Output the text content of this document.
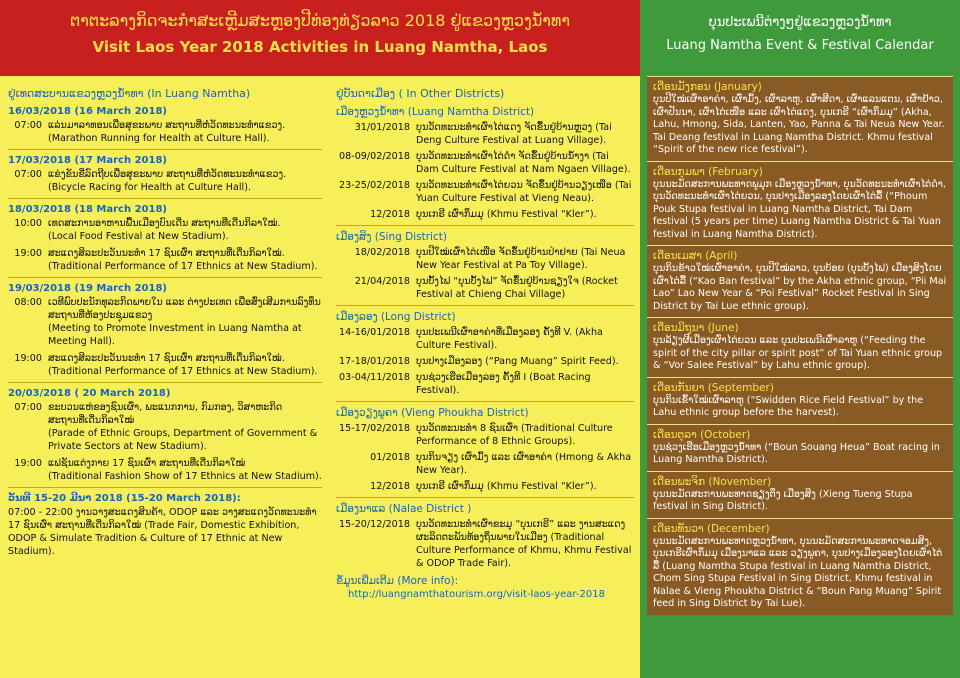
ຕາຕະລາງກິດຈະກໍາສະເຫຼີມສະຫຼອງປີທ່ອງທ່ຽວລາວ 2018 ຢູ່ແຂວງຫຼວງນໍ້າທາ
Visit Laos Year 2018 Activities in Luang Namtha, Laos
ບຸນປະເພນີຕ່າງໆຢູ່ແຂວງຫຼວງນໍ້າທາ
Luang Namtha Event & Festival Calendar
ຢູ່ເທດສະບານແຂວງຫຼວງນໍ້າທາ (In Luang Namtha)
16/03/2018 (16 March 2018)
07:00 ແລ່ນມາລາທອນເພື່ອສຸຂະພາບ ສະຖານທີ່ຫໍວັດທະນະທໍາແຂວງ.
(Marathon Running for Health at Culture Hall).
17/03/2018 (17 March 2018)
07:00 ແຂ່ງຂັນຂີ່ລົດຖີບເພື່ອສຸຂະພາບ ສະຖານທີ່ຫໍວັດທະນະທໍາແຂວງ.
(Bicycle Racing for Health at Culture Hall).
18/03/2018 (18 March 2018)
10:00 ເທດສະການອາຫານພື້ນເມືອງບົນເດີ່ນ ສະຖານທີ່ເດີ່ນກິລາໃໝ່.
(Local Food Festival at New Stadium).
19:00 ສະແດງສິລະປະວັນນະທໍາ 17 ຊົນເຜົ່າ ສະຖານທີ່ເດີ່ນກິລາໃໝ່.
(Traditional Performance of 17 Ethnics at New Stadium).
19/03/2018 (19 March 2018)
08:00 ເວທີພົບປະນັກທຸລະກິດພາຍໃນ ແລະ ຕ່າງປະເທດ ເພື່ອສົ່ງເສີມການລົງທຶນ ສະຖານທີ່ຫ້ອງປະຊຸມແຂວງ
(Meeting to Promote Investment in Luang Namtha at Meeting Hall).
19:00 ສະແດງສິລະປະວັນນະທໍາ 17 ຊົນເຜົ່າ ສະຖານທີ່ເດີ່ນກິລາໃໝ່.
(Traditional Performance of 17 Ethnics at New Stadium).
20/03/2018 ( 20 March 2018)
07:00 ຂະບວນແຫ່ຂອງຊົນເຜົ່າ, ພະແນກການ, ກົມກອງ, ວິສາຫະກິດ ສະຖານທີ່ເດີ່ນກິລາໃໝ່
(Parade of Ethnic Groups, Department of Government & Private Sectors at New Stadium).
19:00 ແຟຊັນແຕ່ງກາຍ 17 ຊົນເຜົ່າ ສະຖານທີ່ເດີ່ນກິລາໃໝ່
(Traditional Fashion Show of 17 Ethnics at New Stadium).
ວັນທີ 15-20 ມີນາ 2018 (15-20 March 2018):
07:00 - 22:00 ງານວາງສະແດງສິນຄ້າ, ODOP ແລະ ວາງສະແດງວັດທະນະທໍາ 17 ຊົນເຜົ່າ ສະຖານທີ່ເດີ່ນກິລາໃໝ່ (Trade Fair, Domestic Exhibition, ODOP & Simulate Tradition & Culture of 17 Ethnic at New Stadium).
ຢູ່ບັນດາເມືອງ ( In Other Districts)
ເມືອງຫຼວງນໍ້າທາ (Luang Namtha District)
31/01/2018 ບຸນວັດທະນະທໍາເຜົ່າໄຕ່ແດງ ຈັດຂຶ້ນຢູ່ບ້ານຫຼວງ (Tai Deng Culture Festival at Luang Village).
08-09/02/2018 ບຸນວັດທະນະທໍາເຜົ່າໄຕ່ດໍາ ຈັດຂຶ້ນຢູ່ບ້ານນໍ້າງາ (Tai Dam Culture Festival at Nam Ngaen Village).
23-25/02/2018 ບຸນວັດທະນະທໍາເຜົ່າໄຕ່ຍວນ ຈັດຂຶ້ນຢູ່ບ້ານວຽງເໜືອ (Tai Yuan Culture Festival at Vieng Neau).
12/2018 ບຸນເກຣີ ເຜົ່າກຶມມຸ (Khmu Festival “Kler”).
ເມືອງສິງ (Sing District)
18/02/2018 ບຸນປີໃໝ່ເຜົ່າໄຕ່ເໜືອ ຈັດຂຶ້ນຢູ່ບ້ານປ່າຢາຍ (Tai Neua New Year Festival at Pa Toy Village).
21/04/2018 ບຸນບັ້ງໄຟ “ບຸນບັ້ງໄຟ” ຈັດຂຶ້ນຢູ່ບ້ານຊຽງໃຈ (Rocket Festival at Chieng Chai Village)
ເມືອງລອງ (Long District)
14-16/01/2018 ບຸນປະເພນີເຜົ່າອາຄ່າທີ່ເມືອງລອງ ຄັ້ງທີ V. (Akha Culture Festival).
17-18/01/2018 ບຸນປາງເມືອງລອງ (“Pang Muang” Spirit Feed).
03-04/11/2018 ບຸນຊ່ວງເຮືອເມືອງລອງ ຄັ້ງທີ I (Boat Racing Festival).
ເມືອງວຽງພູຄາ (Vieng Phoukha District)
15-17/02/2018 ບຸນວັດທະນະທໍາ 8 ຊົນເຜົ່າ (Traditional Culture Performance of 8 Ethnic Groups).
01/2018 ບຸນກິນຈຽງ ເຜົ່າມົ້ງ ແລະ ເຜົ່າອາຄ່າ (Hmong & Akha New Year).
12/2018 ບຸນເກຣີ ເຜົ່າກຶມມຸ (Khmu Festival “Kler”).
ເມືອງນາແລ (Nalae District )
15-20/12/2018 ບຸນວັດທະນະທໍາເຜົ່າຂະມຸ “ບຸນເກຣີ” ແລະ ງານສະແດງຜະລິດຕະພັນທ້ອງຖິ່ນພາຍໃນເມືອງ (Traditional Culture Performance of Khmu, Khmu Festival & ODOP Trade Fair).
ຂໍ້ມູນເພີ່ມເຕີມ (More info):
http://luangnamthatourism.org/visit-laos-year-2018
ເດືອນມັງກອນ (January)
ບຸນປີໃໝ່ເຜົ່າອາຄ່າ, ເຜົ່າມົ້ງ, ເຜົ່າລາຫູ, ເຜົ່າສີດາ, ເຜົ່າແລນແຕນ, ເຜົ່າຢ້າວ, ເຜົ່າປັນນາ, ເຜົ່າໄຕ່ເໜືອ ແລະ ເຜົ່າໄຕ່ແດງ, ບຸນເກຣີ “ເຜົ່າກຶມມຸ” (Akha, Lahu, Hmong, Sida, Lanten, Yao, Panna & Tai Neua New Year. Tai Deang festival in Luang Namtha District. Khmu festival “Spirit of the new rice festival”).
ເດືອນກຸມພາ (February)
ບຸນນະມັດສະການພະທາດພູມຸກ ເມືອງຫຼວງນໍ້າທາ, ບຸນວັດທະນະທໍາເຜົ່າໄຕ່ດໍາ, ບຸນວັດທະນະທໍາເຜົ່າໄຕ່ຍວນ, ບຸນປາງເມືອງລອງໂດຍເຜົ່າໄຕ່ລື້ (“Phoum Pouk Stupa festival in Luang Namtha District, Tai Dam festival (5 years per time) Luang Namtha District & Tai Yuan festival in Luang Namtha District).
ເດືອນເມສາ (April)
ບຸນກິນຂ້າວໃໝ່ເຜົ່າອາຄ່າ, ບຸນປີໃໝ່ລາວ, ບຸນບ້ອຍ (ບຸນບັ້ງໄຟ) ເມືອງສິງໂດຍເຜົ່າໄຕ່ລື້ (“Kao Ban festival” by the Akha ethnic group, “Pii Mai Lao” Lao New Year & “Poi Festival” Rocket Festival in Sing District by Tai Lue ethnic group).
ເດືອນມິຖຸນາ (June)
ບຸນລ້ຽງຜີເມືອງເຜົ່າໄຕ່ຍວນ ແລະ ບຸນປະເພນີເຜົ່າລາຫູ (“Feeding the spirit of the city pillar or spirit post” of Tai Yuan ethnic group & “Vor Salee Festival” by Lahu ethnic group).
ເດືອນກັນຍາ (September)
ບຸນກິນເຂົ້າໃໝ່ເຜົ່າລາຫູ (“Swidden Rice Field Festival” by the Lahu ethnic group before the harvest).
ເດືອນຕຸລາ (October)
ບຸນຊ່ວງເຮືອເມືອງຫຼວງນໍ້າທາ (“Boun Souang Heua” Boat racing in Luang Namtha District).
ເດືອນພະຈິກ (November)
ບຸນນະມັດສະການພະທາດຊຽງຕຶງ ເມືອງສິງ (Xieng Tueng Stupa festival in Sing District).
ເດືອນທັນວາ (December)
ບຸນນະມັດສະການພະທາດຫຼວງນໍ້າທາ, ບຸນນະມັດສະການພະທາດຈອມສິງ, ບຸນເກຣີເຜົ່າກຶມມຸ ເມືອງນາແລ ແລະ ວຽງພູຄາ, ບຸນປາງເມືອງລອງໂດຍເຜົ່າໄຕ່ລື້ (Luang Namtha Stupa festival in Luang Namtha District, Chom Sing Stupa Festival in Sing District, Khmu festival in Nalae & Vieng Phoukha District & “Boun Pang Muang” Spirit feed in Sing District by Tai Lue).
